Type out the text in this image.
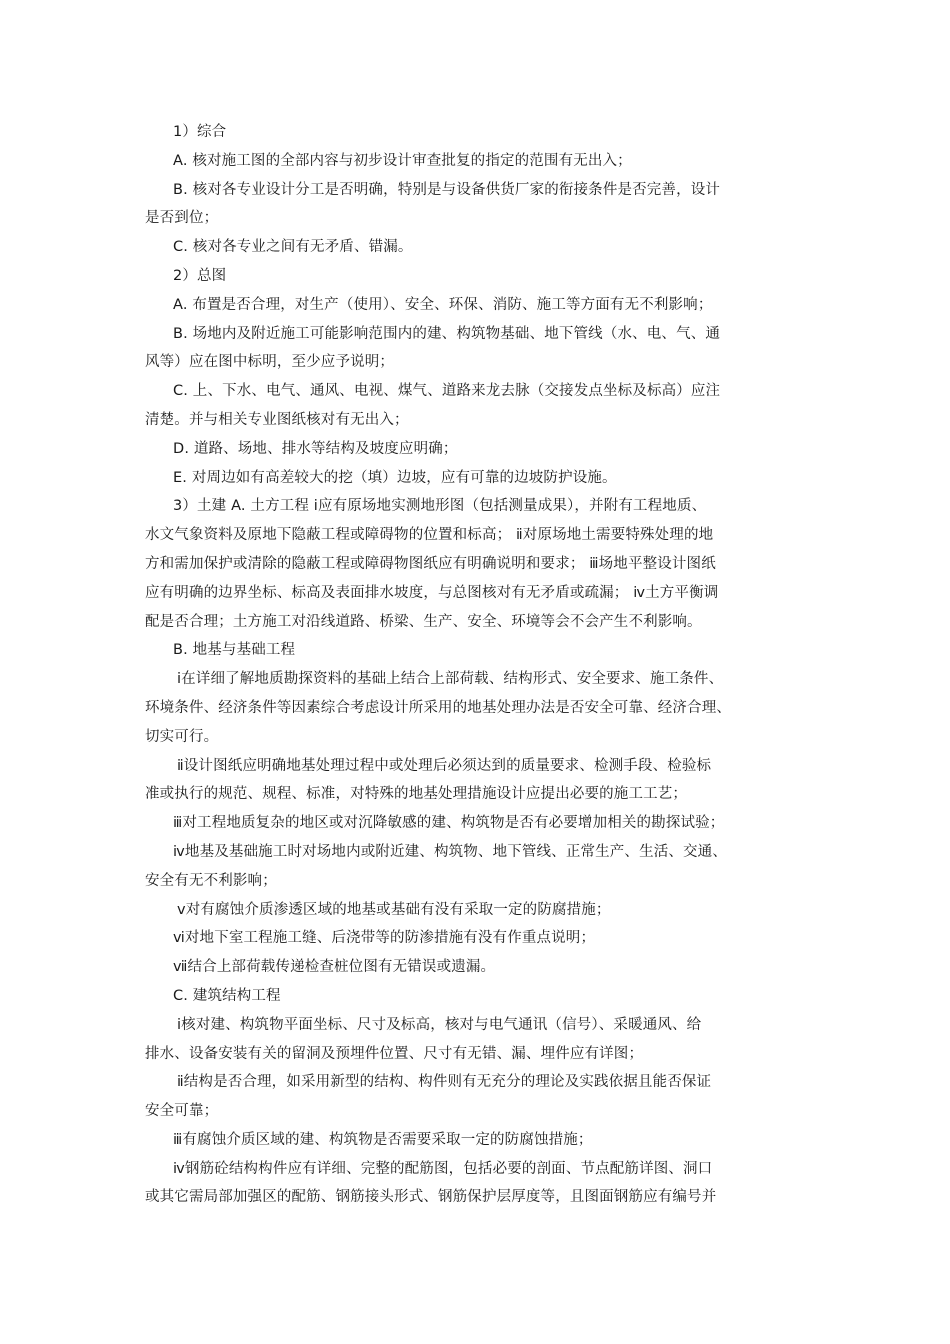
1）综合
A. 核对施工图的全部内容与初步设计审查批复的指定的范围有无出入；
B. 核对各专业设计分工是否明确，特别是与设备供货厂家的衔接条件是否完善，设计
是否到位；
C. 核对各专业之间有无矛盾、错漏。
2）总图
A. 布置是否合理，对生产（使用）、安全、环保、消防、施工等方面有无不利影响；
B. 场地内及附近施工可能影响范围内的建、构筑物基础、地下管线（水、电、气、通
风等）应在图中标明，至少应予说明；
C. 上、下水、电气、通风、电视、煤气、道路来龙去脉（交接发点坐标及标高）应注
清楚。并与相关专业图纸核对有无出入；
D. 道路、场地、排水等结构及坡度应明确；
E. 对周边如有高差较大的挖（填）边坡，应有可靠的边坡防护设施。
3）土建 A. 土方工程 ⅰ应有原场地实测地形图（包括测量成果），并附有工程地质、
水文气象资料及原地下隐蔽工程或障碍物的位置和标高； ⅱ对原场地土需要特殊处理的地
方和需加保护或清除的隐蔽工程或障碍物图纸应有明确说明和要求； ⅲ场地平整设计图纸
应有明确的边界坐标、标高及表面排水坡度，与总图核对有无矛盾或疏漏； ⅳ土方平衡调
配是否合理；土方施工对沿线道路、桥梁、生产、安全、环境等会不会产生不利影响。
B. 地基与基础工程
ⅰ在详细了解地质勘探资料的基础上结合上部荷载、结构形式、安全要求、施工条件、
环境条件、经济条件等因素综合考虑设计所采用的地基处理办法是否安全可靠、经济合理、
切实可行。
ⅱ设计图纸应明确地基处理过程中或处理后必须达到的质量要求、检测手段、检验标
准或执行的规范、规程、标准，对特殊的地基处理措施设计应提出必要的施工工艺；
ⅲ对工程地质复杂的地区或对沉降敏感的建、构筑物是否有必要增加相关的勘探试验；
ⅳ地基及基础施工时对场地内或附近建、构筑物、地下管线、正常生产、生活、交通、
安全有无不利影响；
ⅴ对有腐蚀介质渗透区域的地基或基础有没有采取一定的防腐措施；
ⅵ对地下室工程施工缝、后浇带等的防渗措施有没有作重点说明；
ⅶ结合上部荷载传递检查桩位图有无错误或遗漏。
C. 建筑结构工程
ⅰ核对建、构筑物平面坐标、尺寸及标高，核对与电气通讯（信号）、采暖通风、给
排水、设备安装有关的留洞及预埋件位置、尺寸有无错、漏、埋件应有详图；
ⅱ结构是否合理，如采用新型的结构、构件则有无充分的理论及实践依据且能否保证
安全可靠；
ⅲ有腐蚀介质区域的建、构筑物是否需要采取一定的防腐蚀措施；
ⅳ钢筋砼结构构件应有详细、完整的配筋图，包括必要的剖面、节点配筋详图、洞口
或其它需局部加强区的配筋、钢筋接头形式、钢筋保护层厚度等，且图面钢筋应有编号并
